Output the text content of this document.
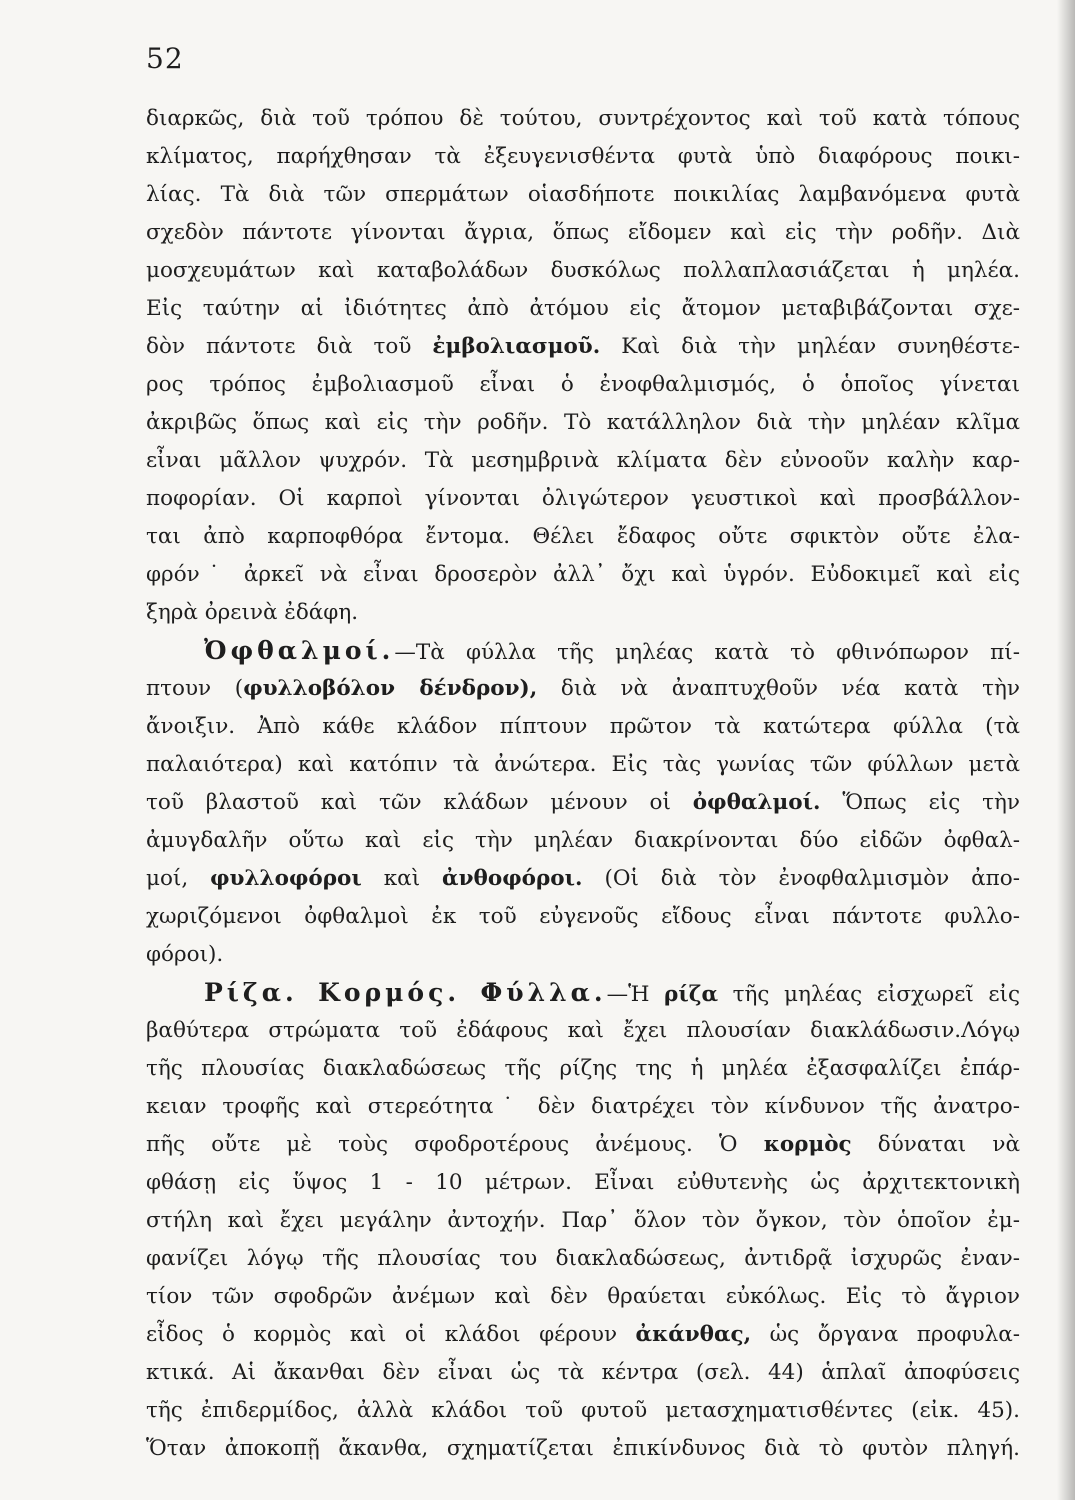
52
διαρκῶς, διὰ τοῦ τρόπου δὲ τούτου, συντρέχοντος καὶ τοῦ κατὰ τόπους
κλίματος, παρήχθησαν τὰ ἐξευγενισθέντα φυτὰ ὑπὸ διαφόρους ποικι-
λίας. Τὰ διὰ τῶν σπερμάτων οἱασδήποτε ποικιλίας λαμβανόμενα φυτὰ
σχεδὸν πάντοτε γίνονται ἄγρια, ὅπως εἴδομεν καὶ εἰς τὴν ροδῆν. Διὰ
μοσχευμάτων καὶ καταβολάδων δυσκόλως πολλαπλασιάζεται ἡ μηλέα.
Εἰς ταύτην αἱ ἰδιότητες ἀπὸ ἀτόμου εἰς ἄτομον μεταβιβάζονται σχε-
δὸν πάντοτε διὰ τοῦ ἐμβολιασμοῦ. Καὶ διὰ τὴν μηλέαν συνηθέστε-
ρος τρόπος ἐμβολιασμοῦ εἶναι ὁ ἐνοφθαλμισμός, ὁ ὁποῖος γίνεται
ἀκριβῶς ὅπως καὶ εἰς τὴν ροδῆν. Τὸ κατάλληλον διὰ τὴν μηλέαν κλῖμα
εἶναι μᾶλλον ψυχρόν. Τὰ μεσημβρινὰ κλίματα δὲν εὐνοοῦν καλὴν καρ-
ποφορίαν. Οἱ καρποὶ γίνονται ὀλιγώτερον γευστικοὶ καὶ προσβάλλον-
ται ἀπὸ καρποφθόρα ἔντομα. Θέλει ἔδαφος οὔτε σφικτὸν οὔτε ἐλα-
φρόν˙ ἀρκεῖ νὰ εἶναι δροσερὸν ἀλλ᾽ ὄχι καὶ ὑγρόν. Εὐδοκιμεῖ καὶ εἰς
ξηρὰ ὀρεινὰ ἐδάφη.
Ὀφθαλμοί.—Τὰ φύλλα τῆς μηλέας κατὰ τὸ φθινόπωρον πί-
πτουν (φυλλοβόλον δένδρον), διὰ νὰ ἀναπτυχθοῦν νέα κατὰ τὴν
ἄνοιξιν. Ἀπὸ κάθε κλάδον πίπτουν πρῶτον τὰ κατώτερα φύλλα (τὰ
παλαιότερα) καὶ κατόπιν τὰ ἀνώτερα. Εἰς τὰς γωνίας τῶν φύλλων μετὰ
τοῦ βλαστοῦ καὶ τῶν κλάδων μένουν οἱ ὀφθαλμοί. Ὅπως εἰς τὴν
ἀμυγδαλῆν οὕτω καὶ εἰς τὴν μηλέαν διακρίνονται δύο εἰδῶν ὀφθαλ-
μοί, φυλλοφόροι καὶ ἀνθοφόροι. (Οἱ διὰ τὸν ἐνοφθαλμισμὸν ἀπο-
χωριζόμενοι ὀφθαλμοὶ ἐκ τοῦ εὐγενοῦς εἴδους εἶναι πάντοτε φυλλο-
φόροι).
Ρίζα. Κορμός. Φύλλα.—Ἡ ρίζα τῆς μηλέας εἰσχωρεῖ εἰς
βαθύτερα στρώματα τοῦ ἐδάφους καὶ ἔχει πλουσίαν διακλάδωσιν.Λόγῳ
τῆς πλουσίας διακλαδώσεως τῆς ρίζης της ἡ μηλέα ἐξασφαλίζει ἐπάρ-
κειαν τροφῆς καὶ στερεότητα˙ δὲν διατρέχει τὸν κίνδυνον τῆς ἀνατρο-
πῆς οὔτε μὲ τοὺς σφοδροτέρους ἀνέμους. Ὁ κορμὸς δύναται νὰ
φθάσῃ εἰς ὕψος 1 - 10 μέτρων. Εἶναι εὐθυτενὴς ὡς ἀρχιτεκτονικὴ
στήλη καὶ ἔχει μεγάλην ἀντοχήν. Παρ᾽ ὅλον τὸν ὄγκον, τὸν ὁποῖον ἐμ-
φανίζει λόγῳ τῆς πλουσίας του διακλαδώσεως, ἀντιδρᾷ ἰσχυρῶς ἐναν-
τίον τῶν σφοδρῶν ἀνέμων καὶ δὲν θραύεται εὐκόλως. Εἰς τὸ ἄγριον
εἶδος ὁ κορμὸς καὶ οἱ κλάδοι φέρουν ἀκάνθας, ὡς ὄργανα προφυλα-
κτικά. Αἱ ἄκανθαι δὲν εἶναι ὡς τὰ κέντρα (σελ. 44) ἁπλαῖ ἀποφύσεις
τῆς ἐπιδερμίδος, ἀλλὰ κλάδοι τοῦ φυτοῦ μετασχηματισθέντες (εἰκ. 45).
Ὅταν ἀποκοπῇ ἄκανθα, σχηματίζεται ἐπικίνδυνος διὰ τὸ φυτὸν πληγή.
